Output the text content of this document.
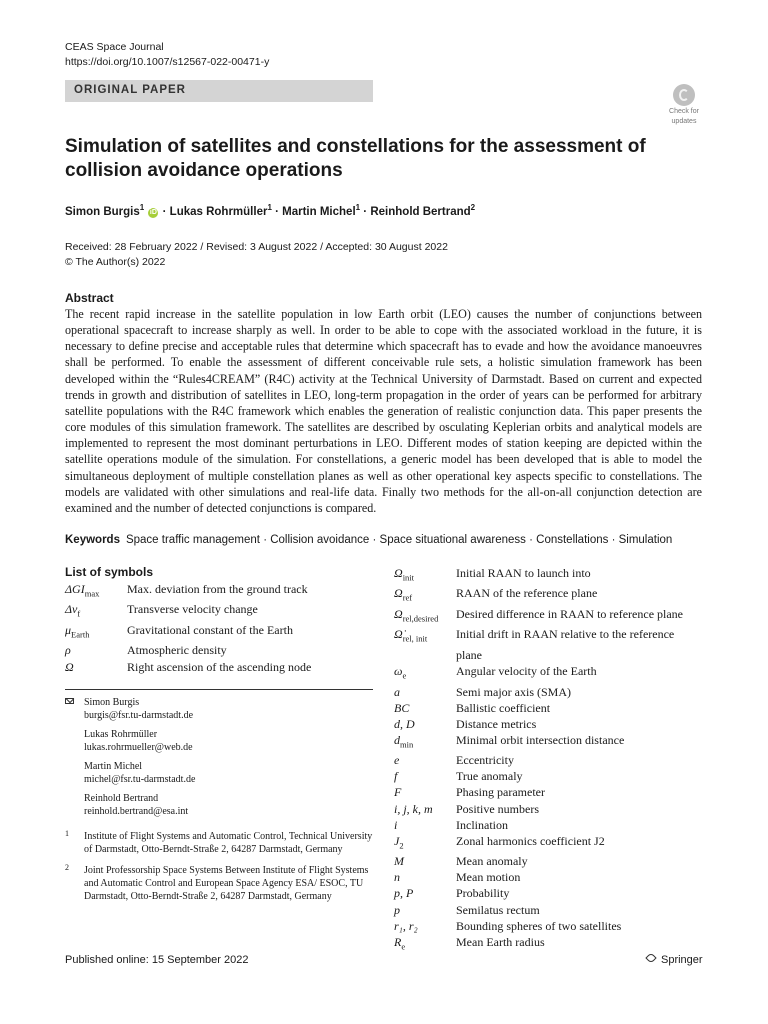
CEAS Space Journal
https://doi.org/10.1007/s12567-022-00471-y
ORIGINAL PAPER
Check for
updates
Simulation of satellites and constellations for the assessment of collision avoidance operations
Simon Burgis$^1$ iD · Lukas Rohrmüller$^1$ · Martin Michel$^1$ · Reinhold Bertrand$^2$
Received: 28 February 2022 / Revised: 3 August 2022 / Accepted: 30 August 2022
© The Author(s) 2022
Abstract
The recent rapid increase in the satellite population in low Earth orbit (LEO) causes the number of conjunctions between operational spacecraft to increase sharply as well. In order to be able to cope with the associated workload in the future, it is necessary to define precise and acceptable rules that determine which spacecraft has to evade and how the avoidance manoeuvres shall be performed. To enable the assessment of different conceivable rule sets, a holistic simulation framework has been developed within the “Rules4CREAM” (R4C) activity at the Technical University of Darmstadt. Based on current and expected trends in growth and distribution of satellites in LEO, long-term propagation in the order of years can be performed for arbitrary satellite populations with the R4C framework which enables the generation of realistic conjunction data. This paper presents the core modules of this simulation framework. The satellites are described by osculating Keplerian orbits and analytical models are implemented to represent the most dominant perturbations in LEO. Different modes of station keeping are depicted within the satellite operations module of the simulation. For constellations, a generic model has been developed that is able to model the simultaneous deployment of multiple constellation planes as well as other operational key aspects specific to constellations. The models are validated with other simulations and real-life data. Finally two methods for the all-on-all conjunction detection are examined and the number of detected conjunctions is compared.
Keywords Space traffic management · Collision avoidance · Space situational awareness · Constellations · Simulation
List of symbols
$\Delta GI_{max}$	Max. deviation from the ground track
$\Delta v_f$	Transverse velocity change
$\mu_{Earth}$	Gravitational constant of the Earth
ρ	Atmospheric density
Ω	Right ascension of the ascending node
$\Omega_{init}$	Initial RAAN to launch into
$\Omega_{ref}$	RAAN of the reference plane
$\Omega_{rel,desired}$	Desired difference in RAAN to reference plane
$\Omegȧ_{rel, init}$	Initial drift in RAAN relative to the reference
plane
$\omega_e$	Angular velocity of the Earth
a	Semi major axis (SMA)
BC	Ballistic coefficient
d, D	Distance metrics
$d_{min}$	Minimal orbit intersection distance
e	Eccentricity
f	True anomaly
F	Phasing parameter
i, j, k, m	Positive numbers
i	Inclination
$J_2$	Zonal harmonics coefficient J2
M	Mean anomaly
n	Mean motion
p, P	Probability
p	Semilatus rectum
r₁, r₂	Bounding spheres of two satellites
$R_e$	Mean Earth radius
Simon Burgis
burgis@fsr.tu-darmstadt.de
Lukas Rohrmüller
lukas.rohrmueller@web.de
Martin Michel
michel@fsr.tu-darmstadt.de
Reinhold Bertrand
reinhold.bertrand@esa.int
1 Institute of Flight Systems and Automatic Control, Technical University of Darmstadt, Otto-Berndt-Straße 2, 64287 Darmstadt, Germany
2 Joint Professorship Space Systems Between Institute of Flight Systems and Automatic Control and European Space Agency ESA/ ESOC, TU Darmstadt, Otto-Berndt-Straße 2, 64287 Darmstadt, Germany
Published online: 15 September 2022	Springer
